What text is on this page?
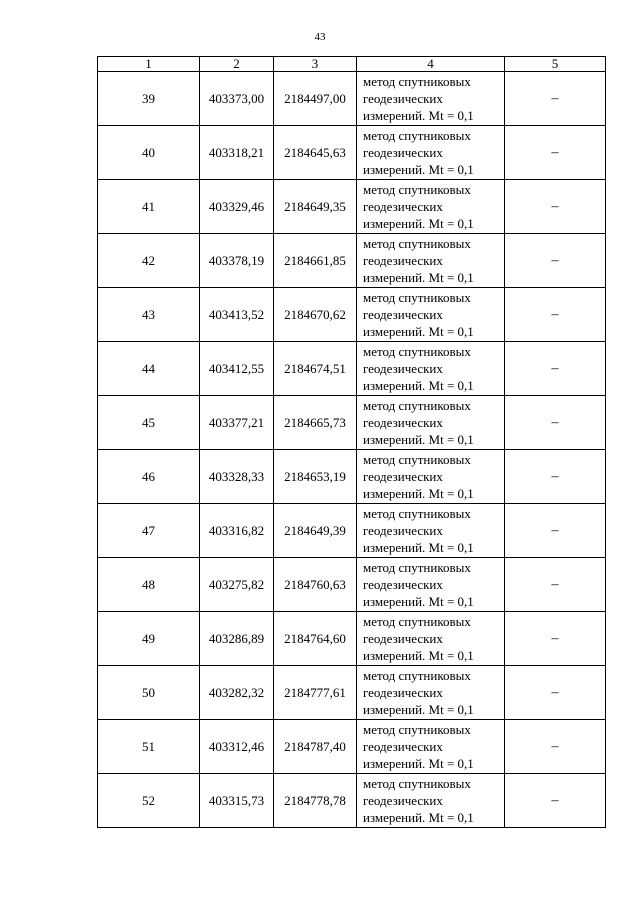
43
1	2	3	4	5
39	403373,00	2184497,00	метод спутниковых
геодезических
измерений. Mt = 0,1	–
40	403318,21	2184645,63	метод спутниковых
геодезических
измерений. Mt = 0,1	–
41	403329,46	2184649,35	метод спутниковых
геодезических
измерений. Mt = 0,1	–
42	403378,19	2184661,85	метод спутниковых
геодезических
измерений. Mt = 0,1	–
43	403413,52	2184670,62	метод спутниковых
геодезических
измерений. Mt = 0,1	–
44	403412,55	2184674,51	метод спутниковых
геодезических
измерений. Mt = 0,1	–
45	403377,21	2184665,73	метод спутниковых
геодезических
измерений. Mt = 0,1	–
46	403328,33	2184653,19	метод спутниковых
геодезических
измерений. Mt = 0,1	–
47	403316,82	2184649,39	метод спутниковых
геодезических
измерений. Mt = 0,1	–
48	403275,82	2184760,63	метод спутниковых
геодезических
измерений. Mt = 0,1	–
49	403286,89	2184764,60	метод спутниковых
геодезических
измерений. Mt = 0,1	–
50	403282,32	2184777,61	метод спутниковых
геодезических
измерений. Mt = 0,1	–
51	403312,46	2184787,40	метод спутниковых
геодезических
измерений. Mt = 0,1	–
52	403315,73	2184778,78	метод спутниковых
геодезических
измерений. Mt = 0,1	–
